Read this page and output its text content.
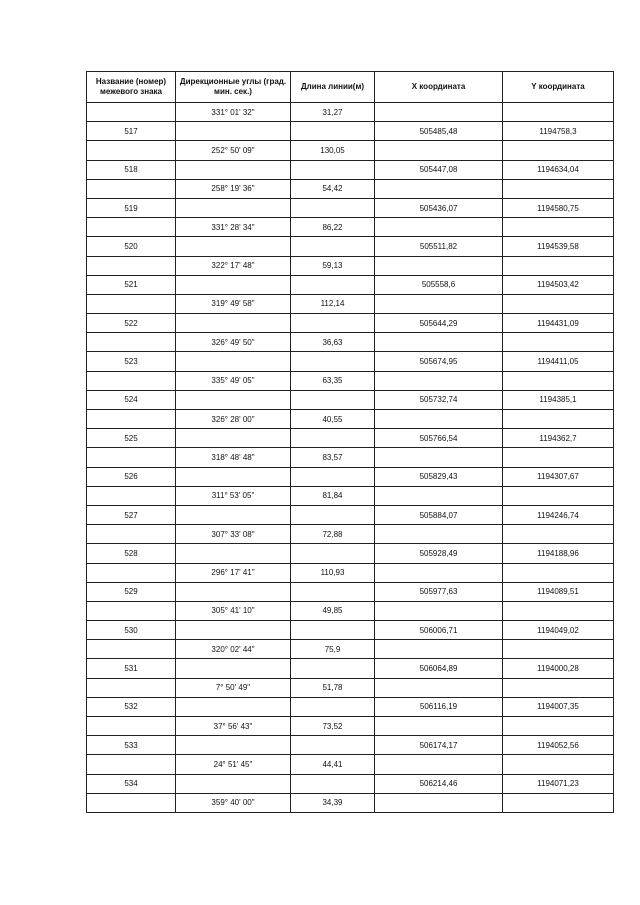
Название (номер) межевого знака	Дирекционные углы (град. мин. сек.)	Длина линии(м)	X координата	Y координата
	331° 01' 32"	31,27		
517			505485,48	1194758,3
	252° 50' 09"	130,05		
518			505447,08	1194634,04
	258° 19' 36"	54,42		
519			505436,07	1194580,75
	331° 28' 34"	86,22		
520			505511,82	1194539,58
	322° 17' 48"	59,13		
521			505558,6	1194503,42
	319° 49' 58"	112,14		
522			505644,29	1194431,09
	326° 49' 50"	36,63		
523			505674,95	1194411,05
	335° 49' 05"	63,35		
524			505732,74	1194385,1
	326° 28' 00"	40,55		
525			505766,54	1194362,7
	318° 48' 48"	83,57		
526			505829,43	1194307,67
	311° 53' 05"	81,84		
527			505884,07	1194246,74
	307° 33' 08"	72,88		
528			505928,49	1194188,96
	296° 17' 41"	110,93		
529			505977,63	1194089,51
	305° 41' 10"	49,85		
530			506006,71	1194049,02
	320° 02' 44"	75,9		
531			506064,89	1194000,28
	7° 50' 49"	51,78		
532			506116,19	1194007,35
	37° 56' 43"	73,52		
533			506174,17	1194052,56
	24° 51' 45"	44,41		
534			506214,46	1194071,23
	359° 40' 00"	34,39		
